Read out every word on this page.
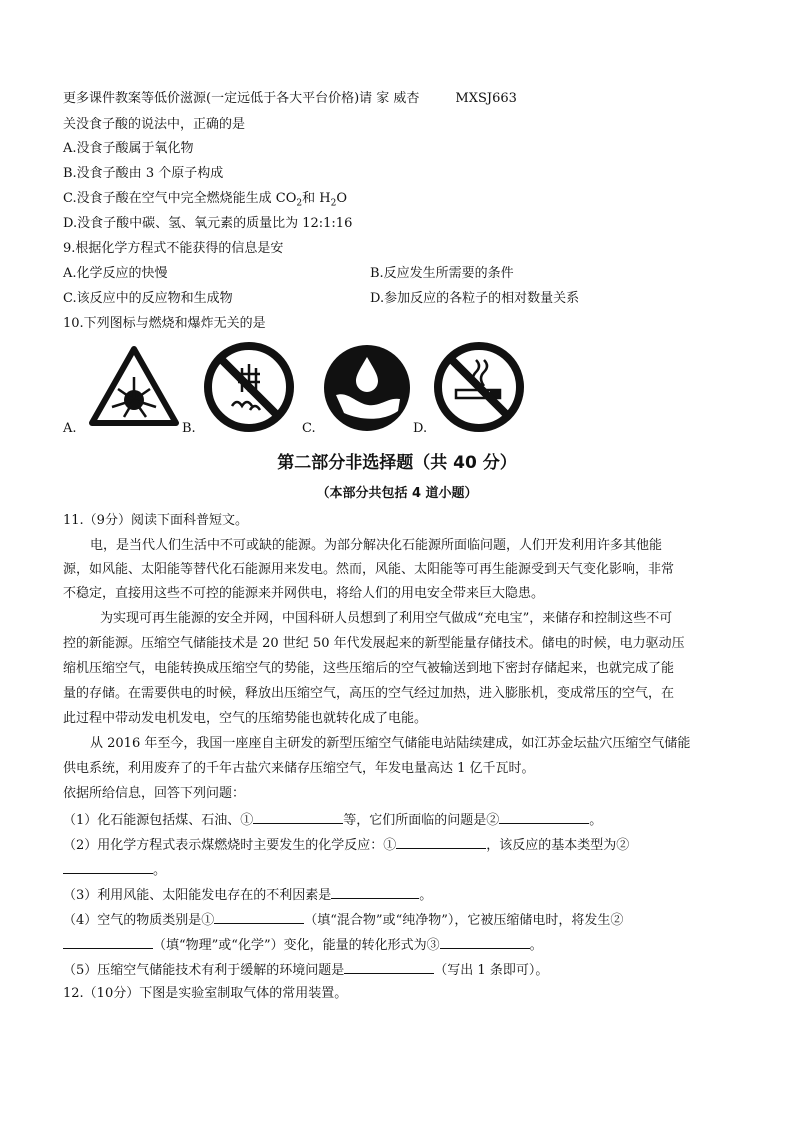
更多课件教案等低价滋源(一定远低于各大平台价格)请 家 威杏	MXSJ663
关没食子酸的说法中，正确的是
A.没食子酸属于氧化物
B.没食子酸由 3 个原子构成
C.没食子酸在空气中完全燃烧能生成 $CO_2$和 $H_2O$
D.没食子酸中碳、氢、氧元素的质量比为 12:1:16
9.根据化学方程式不能获得的信息是安
A.化学反应的快慢	B.反应发生所需要的条件
C.该反应中的反应物和生成物	D.参加反应的各粒子的相对数量关系
10.下列图标与燃烧和爆炸无关的是
A.	B.	C.	D.
第二部分非选择题（共 40 分）
（本部分共包括 4 道小题）
11.（9分）阅读下面科普短文。
电，是当代人们生活中不可或缺的能源。为部分解决化石能源所面临问题，人们开发利用许多其他能
源，如风能、太阳能等替代化石能源用来发电。然而，风能、太阳能等可再生能源受到天气变化影响，非常
不稳定，直接用这些不可控的能源来并网供电，将给人们的用电安全带来巨大隐患。
为实现可再生能源的安全并网，中国科研人员想到了利用空气做成“充电宝”，来储存和控制这些不可
控的新能源。压缩空气储能技术是 20 世纪 50 年代发展起来的新型能量存储技术。储电的时候，电力驱动压
缩机压缩空气，电能转换成压缩空气的势能，这些压缩后的空气被输送到地下密封存储起来，也就完成了能
量的存储。在需要供电的时候，释放出压缩空气，高压的空气经过加热，进入膨胀机，变成常压的空气，在
此过程中带动发电机发电，空气的压缩势能也就转化成了电能。
从 2016 年至今，我国一座座自主研发的新型压缩空气储能电站陆续建成，如江苏金坛盐穴压缩空气储能
供电系统，利用废弃了的千年古盐穴来储存压缩空气，年发电量高达 1 亿千瓦时。
依据所给信息，回答下列问题：
（1）化石能源包括煤、石油、①	等，它们所面临的问题是②	。
（2）用化学方程式表示煤燃烧时主要发生的化学反应：①	，该反应的基本类型为②
。
（3）利用风能、太阳能发电存在的不利因素是	。
（4）空气的物质类别是①	（填“混合物”或“纯净物”），它被压缩储电时，将发生②
（填“物理”或“化学”）变化，能量的转化形式为③	。
（5）压缩空气储能技术有利于缓解的环境问题是	（写出 1 条即可）。
12.（10分）下图是实验室制取气体的常用装置。
